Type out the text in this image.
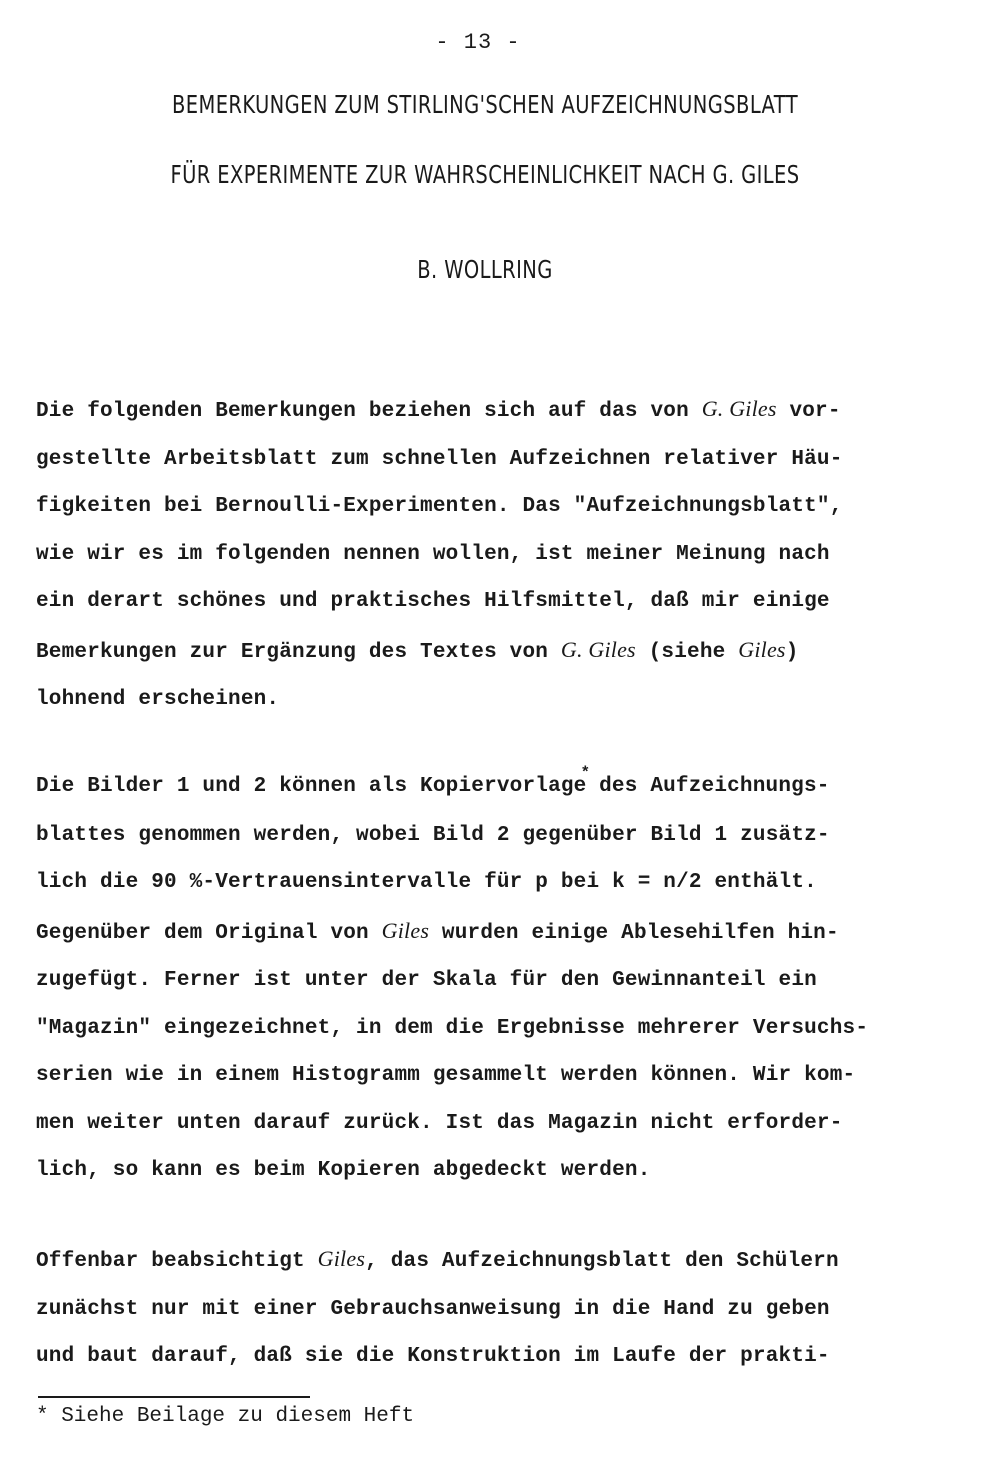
- 13 -
BEMERKUNGEN ZUM STIRLING'SCHEN AUFZEICHNUNGSBLATT
FÜR EXPERIMENTE ZUR WAHRSCHEINLICHKEIT NACH G. GILES
B. WOLLRING
Die folgenden Bemerkungen beziehen sich auf das von G. Giles vor-
gestellte Arbeitsblatt zum schnellen Aufzeichnen relativer Häu-
figkeiten bei Bernoulli-Experimenten. Das "Aufzeichnungsblatt",
wie wir es im folgenden nennen wollen, ist meiner Meinung nach
ein derart schönes und praktisches Hilfsmittel, daß mir einige
Bemerkungen zur Ergänzung des Textes von G. Giles (siehe Giles)
lohnend erscheinen.
Die Bilder 1 und 2 können als Kopiervorlage* des Aufzeichnungs-
blattes genommen werden, wobei Bild 2 gegenüber Bild 1 zusätz-
lich die 90 %-Vertrauensintervalle für p bei k = n/2 enthält.
Gegenüber dem Original von Giles wurden einige Ablesehilfen hin-
zugefügt. Ferner ist unter der Skala für den Gewinnanteil ein
"Magazin" eingezeichnet, in dem die Ergebnisse mehrerer Versuchs-
serien wie in einem Histogramm gesammelt werden können. Wir kom-
men weiter unten darauf zurück. Ist das Magazin nicht erforder-
lich, so kann es beim Kopieren abgedeckt werden.
Offenbar beabsichtigt Giles, das Aufzeichnungsblatt den Schülern
zunächst nur mit einer Gebrauchsanweisung in die Hand zu geben
und baut darauf, daß sie die Konstruktion im Laufe der prakti-
* Siehe Beilage zu diesem Heft
